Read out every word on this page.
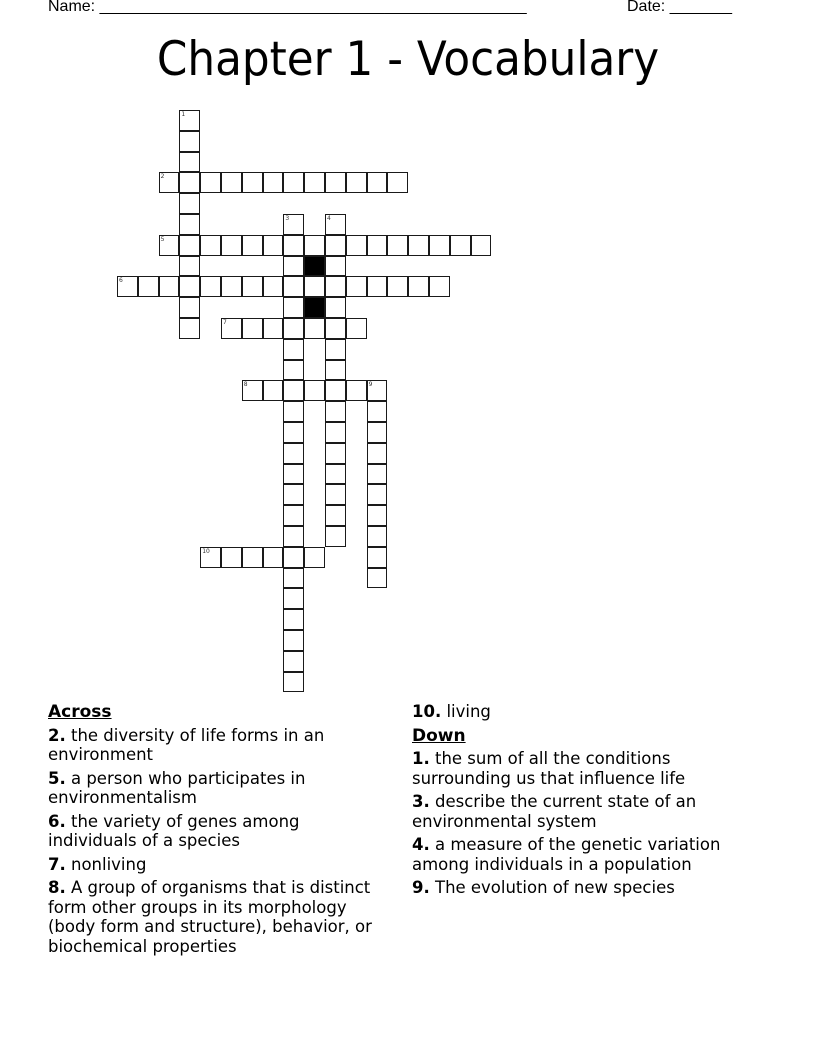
Name: ________________________________________________	Date: _______
Chapter 1 - Vocabulary
1
2
3	4
5
6
7
8	9
10
Across
2. the diversity of life forms in an environment
5. a person who participates in environmentalism
6. the variety of genes among individuals of a species
7. nonliving
8. A group of organisms that is distinct form other groups in its morphology (body form and structure), behavior, or biochemical properties
10. living
Down
1. the sum of all the conditions surrounding us that influence life
3. describe the current state of an environmental system
4. a measure of the genetic variation among individuals in a population
9. The evolution of new species
